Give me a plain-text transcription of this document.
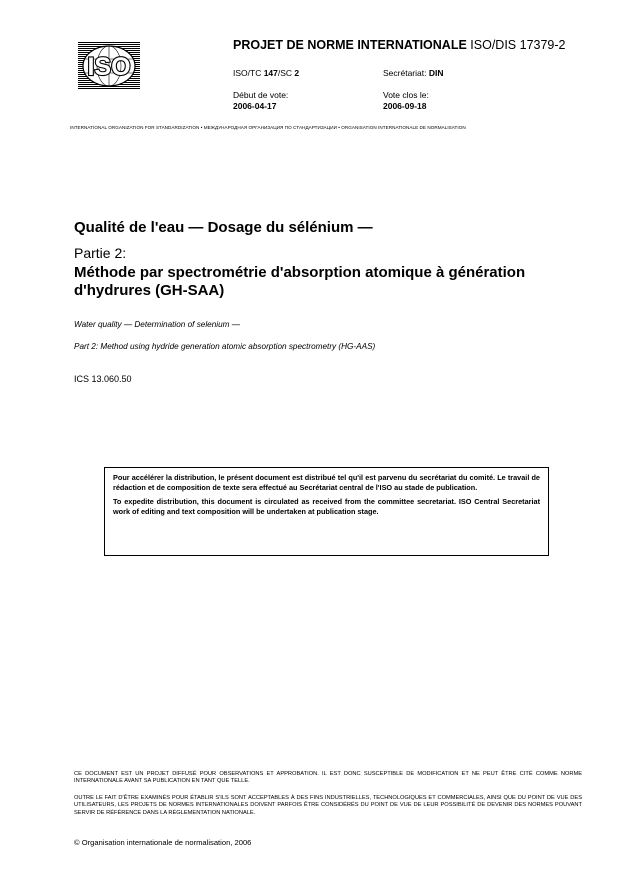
ISO
PROJET DE NORME INTERNATIONALE ISO/DIS 17379-2
ISO/TC 147/SC 2	Secrétariat: DIN
Début de vote:
2006-04-17
Vote clos le:
2006-09-18
INTERNATIONAL ORGANIZATION FOR STANDARDIZATION • МЕЖДУНАРОДНАЯ ОРГАНИЗАЦИЯ ПО СТАНДАРТИЗАЦИИ • ORGANISATION INTERNATIONALE DE NORMALISATION
Qualité de l'eau — Dosage du sélénium —
Partie 2:
Méthode par spectrométrie d'absorption atomique à génération d'hydrures (GH-SAA)
Water quality — Determination of selenium —
Part 2: Method using hydride generation atomic absorption spectrometry (HG-AAS)
ICS 13.060.50

Pour accélérer la distribution, le présent document est distribué tel qu'il est parvenu du secrétariat du comité. Le travail de rédaction et de composition de texte sera effectué au Secrétariat central de l'ISO au stade de publication.

To expedite distribution, this document is circulated as received from the committee secretariat. ISO Central Secretariat work of editing and text composition will be undertaken at publication stage.

CE DOCUMENT EST UN PROJET DIFFUSÉ POUR OBSERVATIONS ET APPROBATION. IL EST DONC SUSCEPTIBLE DE MODIFICATION ET NE PEUT ÊTRE CITÉ COMME NORME INTERNATIONALE AVANT SA PUBLICATION EN TANT QUE TELLE.
OUTRE LE FAIT D'ÊTRE EXAMINÉS POUR ÉTABLIR S'ILS SONT ACCEPTABLES À DES FINS INDUSTRIELLES, TECHNOLOGIQUES ET COMMERCIALES, AINSI QUE DU POINT DE VUE DES UTILISATEURS, LES PROJETS DE NORMES INTERNATIONALES DOIVENT PARFOIS ÊTRE CONSIDÉRÉS DU POINT DE VUE DE LEUR POSSIBILITÉ DE DEVENIR DES NORMES POUVANT SERVIR DE RÉFÉRENCE DANS LA RÉGLEMENTATION NATIONALE.
© Organisation internationale de normalisation, 2006
